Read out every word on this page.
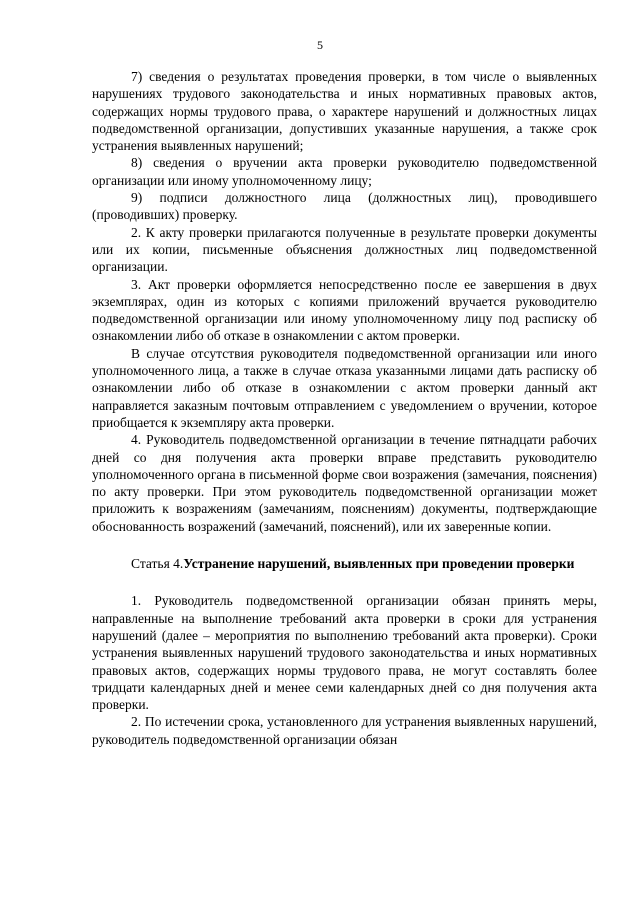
5

7) сведения о результатах проведения проверки, в том числе о выявленных нарушениях трудового законодательства и иных нормативных правовых актов, содержащих нормы трудового права, о характере нарушений и должностных лицах подведомственной организации, допустивших указанные нарушения, а также срок устранения выявленных нарушений;

8) сведения о вручении акта проверки руководителю подведомственной организации или иному уполномоченному лицу;

9) подписи должностного лица (должностных лиц), проводившего (проводивших) проверку.

2. К акту проверки прилагаются полученные в результате проверки документы или их копии, письменные объяснения должностных лиц подведомственной организации.

3. Акт проверки оформляется непосредственно после ее завершения в двух экземплярах, один из которых с копиями приложений вручается руководителю подведомственной организации или иному уполномоченному лицу под расписку об ознакомлении либо об отказе в ознакомлении с актом проверки.

В случае отсутствия руководителя подведомственной организации или иного уполномоченного лица, а также в случае отказа указанными лицами дать расписку об ознакомлении либо об отказе в ознакомлении с актом проверки данный акт направляется заказным почтовым отправлением с уведомлением о вручении, которое приобщается к экземпляру акта проверки.

4. Руководитель подведомственной организации в течение пятнадцати рабочих дней со дня получения акта проверки вправе представить руководителю уполномоченного органа в письменной форме свои возражения (замечания, пояснения) по акту проверки. При этом руководитель подведомственной организации может приложить к возражениям (замечаниям, пояснениям) документы, подтверждающие обоснованность возражений (замечаний, пояснений), или их заверенные копии.

Статья 4. Устранение нарушений, выявленных при проведении проверки

1. Руководитель подведомственной организации обязан принять меры, направленные на выполнение требований акта проверки в сроки для устранения нарушений (далее – мероприятия по выполнению требований акта проверки). Сроки устранения выявленных нарушений трудового законодательства и иных нормативных правовых актов, содержащих нормы трудового права, не могут составлять более тридцати календарных дней и менее семи календарных дней со дня получения акта проверки.

2. По истечении срока, установленного для устранения выявленных нарушений, руководитель подведомственной организации обязан
